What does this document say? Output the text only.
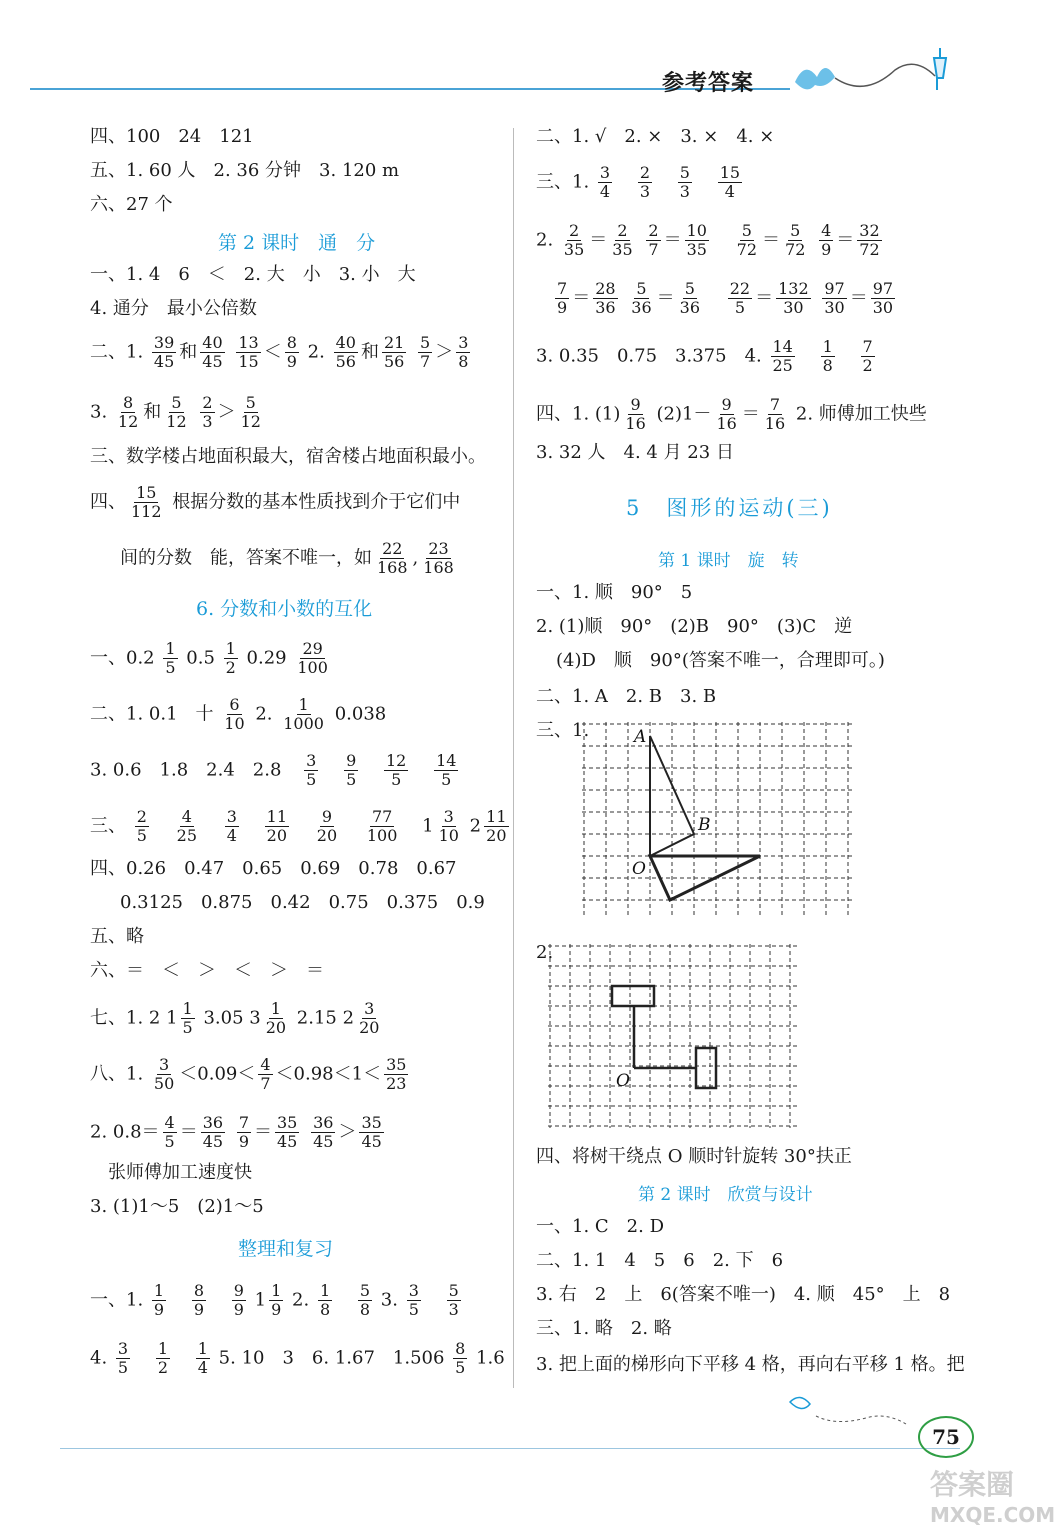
参考答案
四、100　24　121
五、1. 60 人　2. 36 分钟　3. 120 m
六、27 个
第 2 课时　通　分
一、1. 4　6　＜　2. 大　小　3. 小　大
4. 通分　最小公倍数
二、1. $\frac{39}{45}$ 和 $\frac{40}{45}$
$\frac{13}{15} < \frac{8}{9} 2$. $\frac{40}{56}$ 和 $\frac{21}{56}$
$\frac{5}{7} > \frac{3}{8}$
3. $\frac{8}{12}$ 和 $\frac{5}{12}$
$\frac{2}{3} > \frac{5}{12}$
三、数学楼占地面积最大，宿舍楼占地面积最小。
四、 $\frac{15}{112}$ 根据分数的基本性质找到介于它们中
间的分数　能，答案不唯一，如 $\frac{22}{168}$ , $\frac{23}{168}$
6. 分数和小数的互化
一、$0.2 \frac{1}{5} 0.5 \frac{1}{2} 0.29 \frac{29}{100}$
二、1. 0.1　十 $\frac{6}{10} 2$. $\frac{1}{1000} 0.038$
3. 0.6　1.8　2.4　$2.8 \frac{3}{5}$
$\frac{9}{5}$
$\frac{12}{5}$
$\frac{14}{5}$
三、 $\frac{2}{5}$
$\frac{4}{25}$
$\frac{3}{4}$
$\frac{11}{20}$
$\frac{9}{20}$
$\frac{77}{100} 1 \frac{3}{10} 2 \frac{11}{20}$
四、0.26　0.47　0.65　0.69　0.78　0.67
0.3125　0.875　0.42　0.75　0.375　0.9
五、略
六、＝　＜　＞　＜　＞　＝
七、1. 2 $1 \frac{1}{5} 3.05$ $3 \frac{1}{20} 2.15$ $2 \frac{3}{20}$
八、1. $\frac{3}{50} <0.09< \frac{4}{7} <0.98<1< \frac{35}{23}$
2. $0.8= \frac{4}{5} = \frac{36}{45}$
$\frac{7}{9} = \frac{35}{45}$
$\frac{36}{45} > \frac{35}{45}$
张师傅加工速度快
3. (1)1～5　(2)1～5
整理和复习
一、1. $\frac{1}{9}$
$\frac{8}{9}$
$\frac{9}{9} 1 \frac{1}{9} 2$. $\frac{1}{8}$
$\frac{5}{8} 3$. $\frac{3}{5}$
$\frac{5}{3}$
4. $\frac{3}{5}$
$\frac{1}{2}$
$\frac{1}{4} 5$. 10　3　6. 1.67　$1.506 \frac{8}{5} 1.6$
二、1. √　2. ×　3. ×　4. ×
三、1. $\frac{3}{4}$
$\frac{2}{3}$
$\frac{5}{3}$
$\frac{15}{4}$
2. $\frac{2}{35} = \frac{2}{35}$
$\frac{2}{7} = \frac{10}{35}$
$\frac{5}{72} = \frac{5}{72}$
$\frac{4}{9} = \frac{32}{72}$
$\frac{7}{9} = \frac{28}{36}$
$\frac{5}{36} = \frac{5}{36}$
$\frac{22}{5} = \frac{132}{30}$
$\frac{97}{30} = \frac{97}{30}$
3. 0.35　0.75　3.375　4. $\frac{14}{25}$
$\frac{1}{8}$
$\frac{7}{2}$
四、1. $(1) \frac{9}{16} (2)1- \frac{9}{16} = \frac{7}{16} 2$. 师傅加工快些
3. 32 人　4. 4 月 23 日
5　图形的运动(三)
第 1 课时　旋　转
一、1. 顺　90°　5
2. (1)顺　90°　(2)B　90°　(3)C　逆
(4)D　顺　90°(答案不唯一，合理即可。)
二、1. A　2. B　3. B
三、1.	A
B
O
2.
O
四、将树干绕点 O 顺时针旋转 30°扶正
第 2 课时　欣赏与设计
一、1. C　2. D
二、1. 1　4　5　6　2. 下　6
3. 右　2　上　6(答案不唯一)　4. 顺　45°　上　8
三、1. 略　2. 略
3. 把上面的梯形向下平移 4 格，再向右平移 1 格。把
75
答案圈
MXQE.COM
